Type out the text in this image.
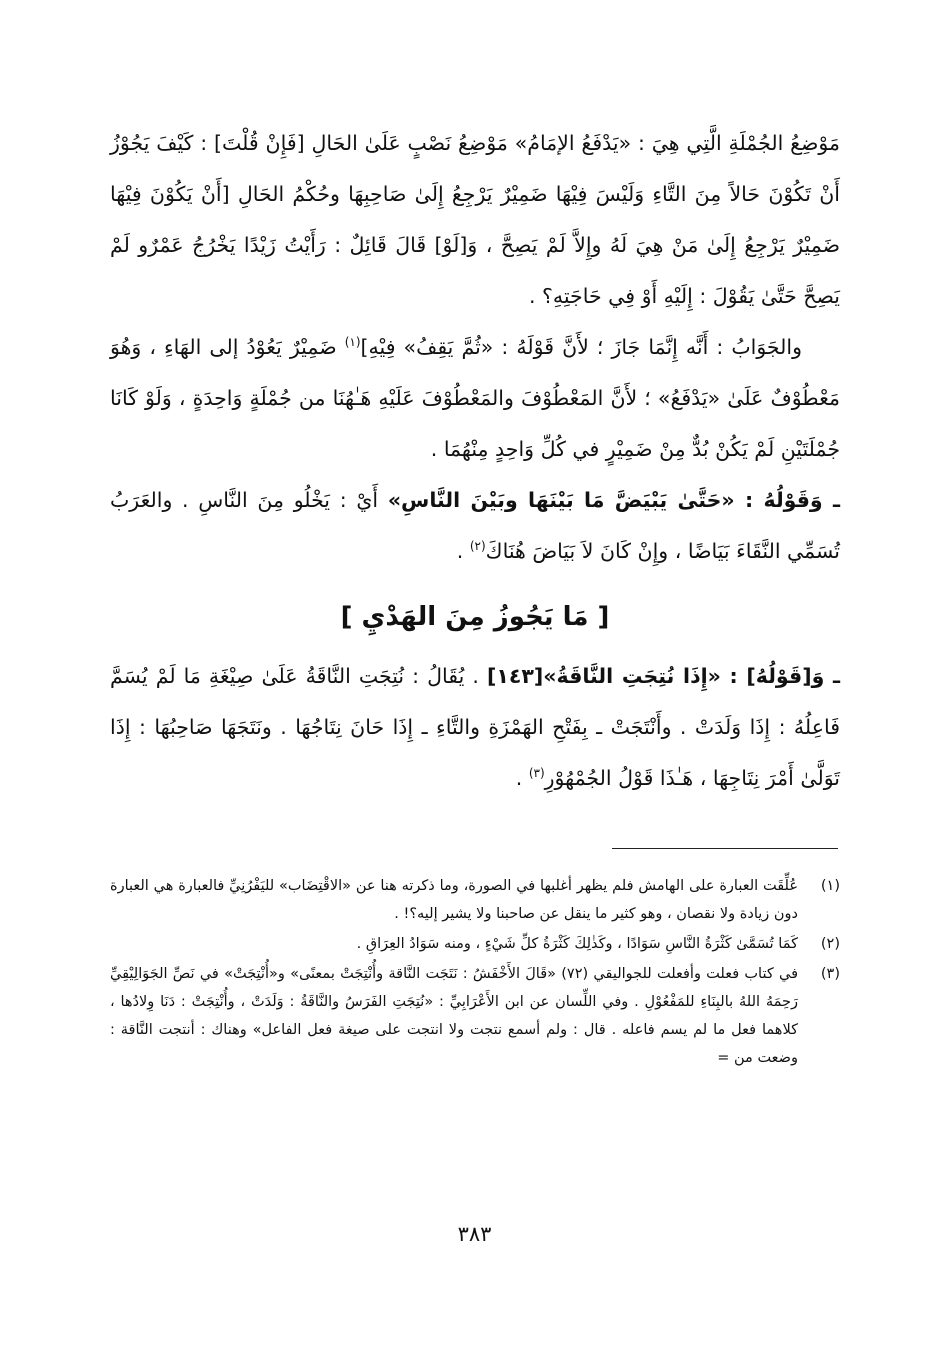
مَوْضِعُ الجُمْلَةِ الَّتِي هِيَ : «يَدْفَعُ الإمَامُ» مَوْضِعُ نَصْبٍ عَلَىٰ الحَالِ [فَإِنْ قُلْتَ] : كَيْفَ يَجُوْزُ أَنْ تَكُوْنَ حَالاً مِنَ التَّاءِ وَلَيْسَ فِيْهَا ضَمِيْرٌ يَرْجِعُ إِلَىٰ صَاحِبِهَا وحُكْمُ الحَالِ [أَنْ يَكُوْنَ فِيْهَا ضَمِيْرٌ يَرْجِعُ إِلَىٰ مَنْ هِيَ لَهُ وإِلاَّ لَمْ يَصِحَّ ، وَ[لَوْ] قَالَ قَائِلٌ : رَأَيْتُ زَيْدًا يَخْرُجُ عَمْرٌو لَمْ يَصِحَّ حَتَّىٰ يَقُوْلَ : إِلَيْهِ أَوْ فِي حَاجَتِهِ؟ .

والجَوَابُ : أَنَّه إِنَّمَا جَازَ ؛ لأَنَّ قَوْلَهُ : «ثُمَّ يَقِفُ» فِيْهِ]$^{(١)}$ ضَمِيْرٌ يَعُوْدُ إلى الهَاءِ ، وَهُوَ مَعْطُوْفٌ عَلَىٰ «يَدْفَعُ» ؛ لأَنَّ المَعْطُوْفَ والمَعْطُوْفَ عَلَيْهِ هَـٰهُنَا من جُمْلَةٍ وَاحِدَةٍ ، وَلَوْ كَانَا جُمْلَتَيْنِ لَمْ يَكُنْ بُدٌّ مِنْ ضَمِيْرٍ في كُلِّ وَاحِدٍ مِنْهُمَا .

ـ وَقَوْلُهُ : «حَتَّىٰ يَبْيَضَّ مَا بَيْنَهَا وبَيْنَ النَّاسِ» أَيْ : يَخْلُو مِنَ النَّاسِ . والعَرَبُ تُسَمِّي النَّقَاءَ بَيَاضًا ، وإِنْ كَانَ لاَ بَيَاضَ هُنَاكَ$^{(٢)}$ .

[ مَا يَجُوزُ مِنَ الهَدْيِ ]

ـ وَ[قَوْلُهُ] : «إِذَا نُتِجَتِ النَّاقَةُ»[١٤٣] . يُقَالُ : نُتِجَتِ النَّاقَةُ عَلَىٰ صِيْغَةِ مَا لَمْ يُسَمَّ فَاعِلُهُ : إِذَا وَلَدَتْ . وأَنْتَجَتْ ـ بِفَتْحِ الهَمْزَةِ والتَّاءِ ـ إِذَا حَانَ نِتَاجُهَا . ونَتَجَهَا صَاحِبُهَا : إِذَا تَوَلَّىٰ أَمْرَ نِتَاجِهَا ، هَـٰذَا قَوْلُ الجُمْهُوْرِ$^{(٣)}$ .

(١)
عُلِّقَت العبارة على الهامش فلم يظهر أغلبها في الصورة، وما ذكرته هنا عن «الاقْتِضَاب» لليَفْرُنِيِّ فالعبارة هي العبارة دون زيادة ولا نقصان ، وهو كثير ما ينقل عن صاحبنا ولا يشير إليه؟! .
(٢)
كَمَا تُسَمَّىٰ كَثْرَةُ النَّاسِ سَوَادًا ، وكَذٰلِكَ كَثْرَةُ كلِّ شَيْءٍ ، ومنه سَوَادُ العِرَاقِ .
(٣)
في كتاب فعلت وأفعلت للجواليقي (٧٢) «قَالَ الأَخْفَشُ : نَتَجَت النَّاقة وأُنْتِجَتْ بمعنًى» و«أُنْتِجَتْ» في نَصِّ الجَوَالِيْقِيِّ رَحِمَهُ اللهُ بالبِنَاءِ للمَفْعُوْلِ . وفي اللِّسان عن ابن الأَعْرَابِيِّ : «نُتِجَتِ الفَرَسُ والنَّاقَةُ : وَلَدَتْ ، وأُنْتِجَتْ : دَنَا وِلادُها ، كلاهما فعل ما لم يسم فاعله . قال : ولم أسمع نتجت ولا انتجت على صيغة فعل الفاعل» وهناك : أنتجت النَّاقة : وضعت من =
٣٨٣
